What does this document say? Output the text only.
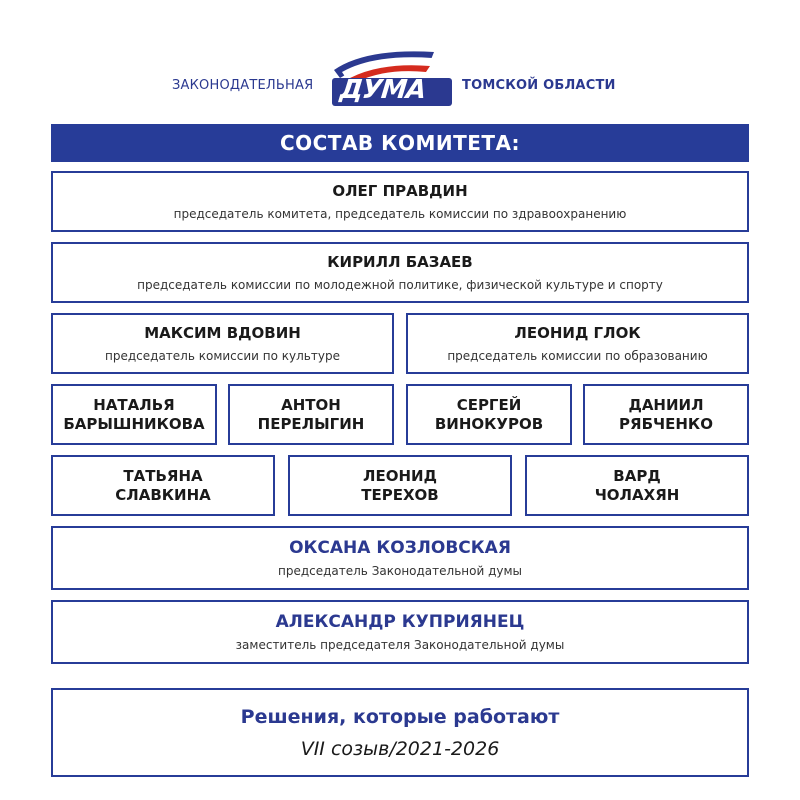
ЗАКОНОДАТЕЛЬНАЯ ДУМА	ТОМСКОЙ ОБЛАСТИ
СОСТАВ КОМИТЕТА:
ОЛЕГ ПРАВДИН
председатель комитета, председатель комиссии по здравоохранению
КИРИЛЛ БАЗАЕВ
председатель комиссии по молодежной политике, физической культуре и спорту
МАКСИМ ВДОВИН
председатель комиссии по культуре
ЛЕОНИД ГЛОК
председатель комиссии по образованию
НАТАЛЬЯ
БАРЫШНИКОВА
АНТОН
ПЕРЕЛЫГИН
СЕРГЕЙ
ВИНОКУРОВ
ДАНИИЛ
РЯБЧЕНКО
ТАТЬЯНА
СЛАВКИНА
ЛЕОНИД
ТЕРЕХОВ
ВАРД
ЧОЛАХЯН
ОКСАНА КОЗЛОВСКАЯ
председатель Законодательной думы
АЛЕКСАНДР КУПРИЯНЕЦ
заместитель председателя Законодательной думы
Решения, которые работают
VII созыв/2021-2026
